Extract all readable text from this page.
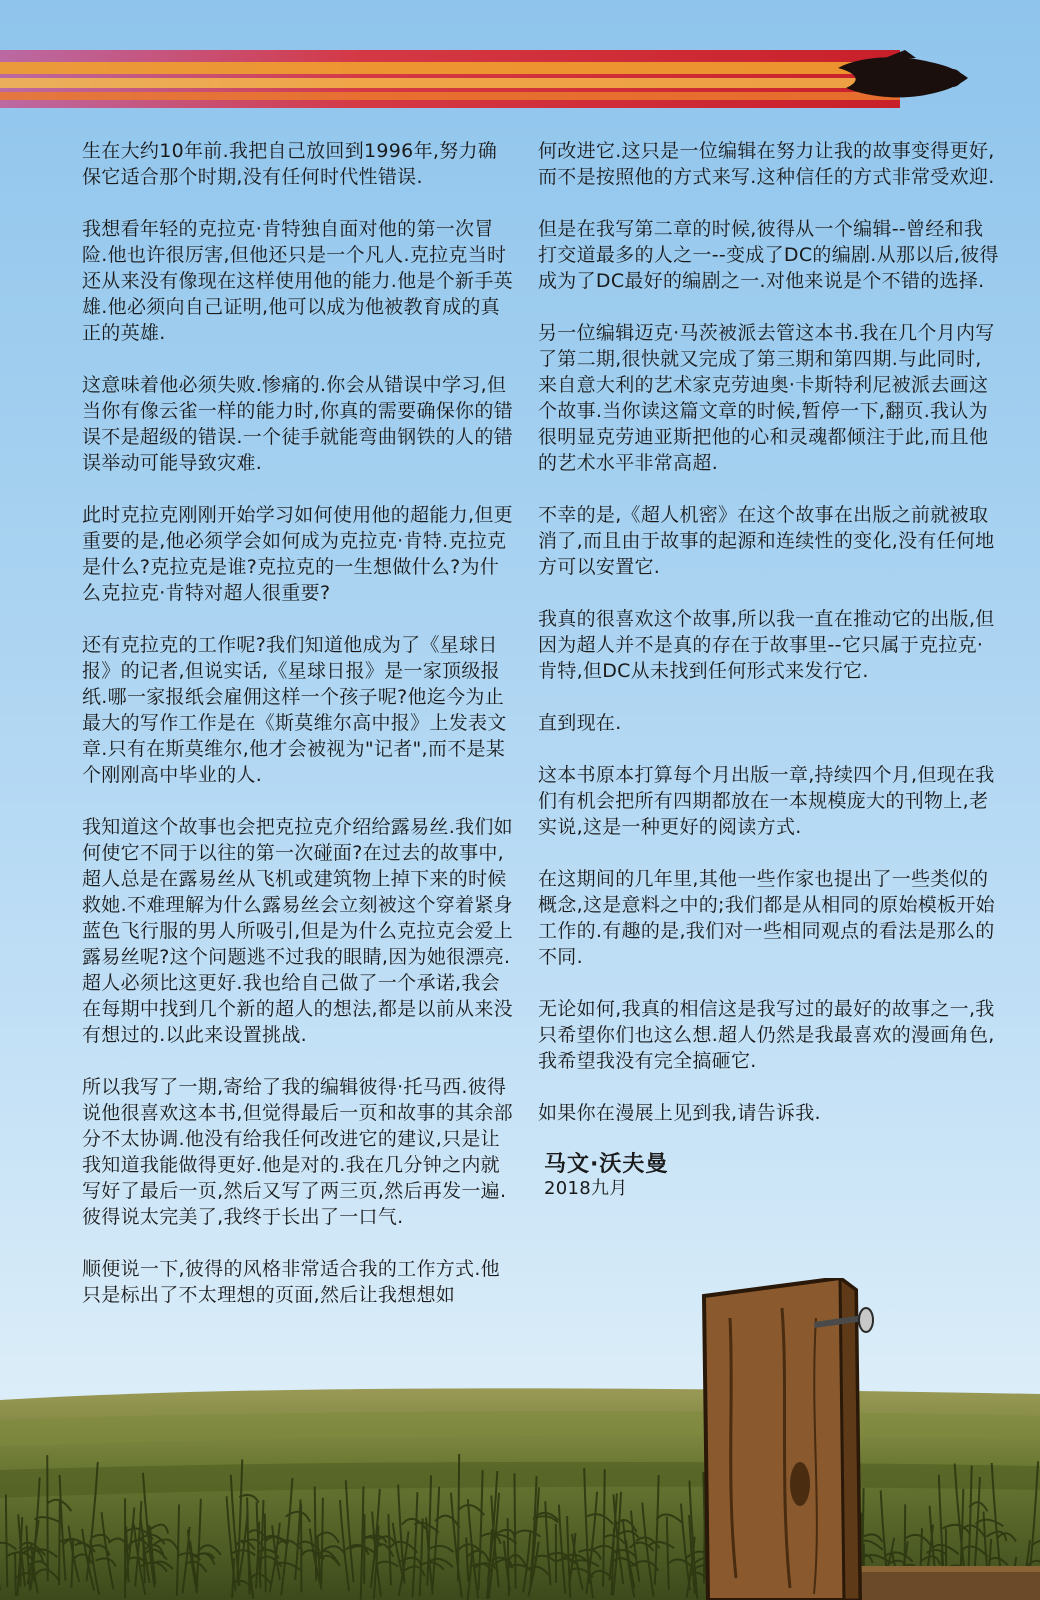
生在大约10年前.我把自己放回到1996年,努力确保它适合那个时期,没有任何时代性错误.

我想看年轻的克拉克·肯特独自面对他的第一次冒险.他也许很厉害,但他还只是一个凡人.克拉克当时还从来没有像现在这样使用他的能力.他是个新手英雄.他必须向自己证明,他可以成为他被教育成的真正的英雄.

这意味着他必须失败.惨痛的.你会从错误中学习,但当你有像云雀一样的能力时,你真的需要确保你的错误不是超级的错误.一个徒手就能弯曲钢铁的人的错误举动可能导致灾难.

此时克拉克刚刚开始学习如何使用他的超能力,但更重要的是,他必须学会如何成为克拉克·肯特.克拉克是什么?克拉克是谁?克拉克的一生想做什么?为什么克拉克·肯特对超人很重要?

还有克拉克的工作呢?我们知道他成为了《星球日报》的记者,但说实话,《星球日报》是一家顶级报纸.哪一家报纸会雇佣这样一个孩子呢?他迄今为止最大的写作工作是在《斯莫维尔高中报》上发表文章.只有在斯莫维尔,他才会被视为"记者",而不是某个刚刚高中毕业的人.

我知道这个故事也会把克拉克介绍给露易丝.我们如何使它不同于以往的第一次碰面?在过去的故事中,超人总是在露易丝从飞机或建筑物上掉下来的时候救她.不难理解为什么露易丝会立刻被这个穿着紧身蓝色飞行服的男人所吸引,但是为什么克拉克会爱上露易丝呢?这个问题逃不过我的眼睛,因为她很漂亮.超人必须比这更好.我也给自己做了一个承诺,我会在每期中找到几个新的超人的想法,都是以前从来没有想过的.以此来设置挑战.

所以我写了一期,寄给了我的编辑彼得·托马西.彼得说他很喜欢这本书,但觉得最后一页和故事的其余部分不太协调.他没有给我任何改进它的建议,只是让我知道我能做得更好.他是对的.我在几分钟之内就写好了最后一页,然后又写了两三页,然后再发一遍.彼得说太完美了,我终于长出了一口气.

顺便说一下,彼得的风格非常适合我的工作方式.他只是标出了不太理想的页面,然后让我想想如

何改进它.这只是一位编辑在努力让我的故事变得更好,而不是按照他的方式来写.这种信任的方式非常受欢迎.

但是在我写第二章的时候,彼得从一个编辑--曾经和我打交道最多的人之一--变成了DC的编剧.从那以后,彼得成为了DC最好的编剧之一.对他来说是个不错的选择.

另一位编辑迈克·马茨被派去管这本书.我在几个月内写了第二期,很快就又完成了第三期和第四期.与此同时,来自意大利的艺术家克劳迪奥·卡斯特利尼被派去画这个故事.当你读这篇文章的时候,暂停一下,翻页.我认为很明显克劳迪亚斯把他的心和灵魂都倾注于此,而且他的艺术水平非常高超.

不幸的是,《超人机密》在这个故事在出版之前就被取消了,而且由于故事的起源和连续性的变化,没有任何地方可以安置它.

我真的很喜欢这个故事,所以我一直在推动它的出版,但因为超人并不是真的存在于故事里--它只属于克拉克·肯特,但DC从未找到任何形式来发行它.

直到现在.

这本书原本打算每个月出版一章,持续四个月,但现在我们有机会把所有四期都放在一本规模庞大的刊物上,老实说,这是一种更好的阅读方式.

在这期间的几年里,其他一些作家也提出了一些类似的概念,这是意料之中的;我们都是从相同的原始模板开始工作的.有趣的是,我们对一些相同观点的看法是那么的不同.

无论如何,我真的相信这是我写过的最好的故事之一,我只希望你们也这么想.超人仍然是我最喜欢的漫画角色,我希望我没有完全搞砸它.

如果你在漫展上见到我,请告诉我.

马文·沃夫曼
2018九月
